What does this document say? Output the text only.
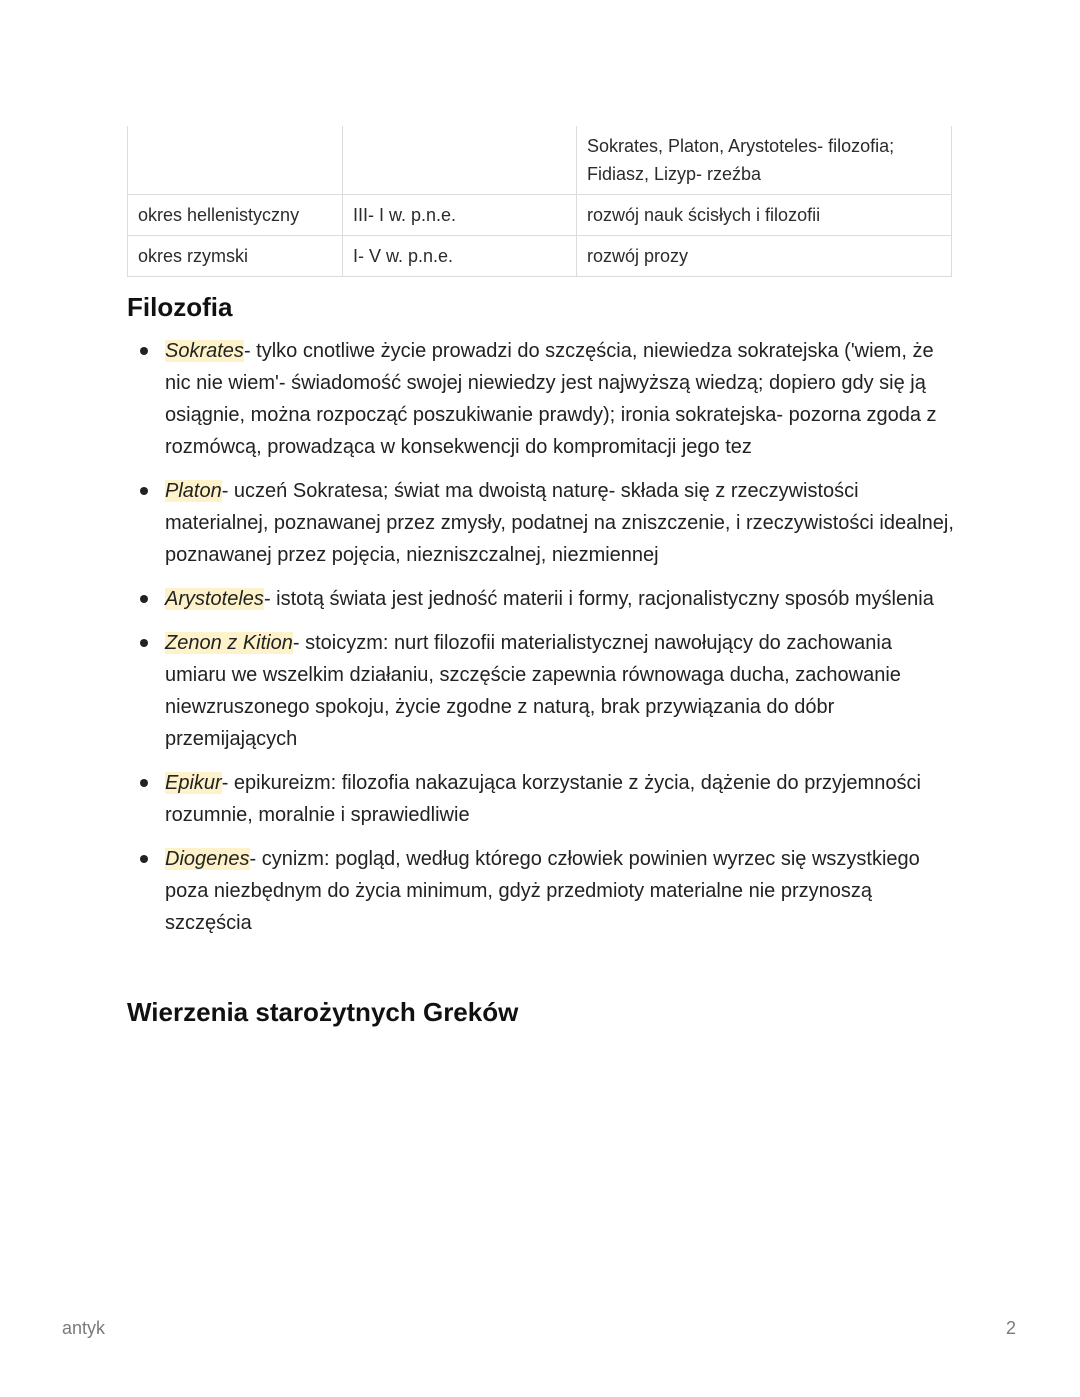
		Sokrates, Platon, Arystoteles- filozofia;
Fidiasz, Lizyp- rzeźba

okres hellenistyczny	III- I w. p.n.e.	rozwój nauk ścisłych i filozofii

okres rzymski	I- V w. p.n.e.	rozwój prozy
Filozofia
Sokrates- tylko cnotliwe życie prowadzi do szczęścia, niewiedza sokratejska ('wiem, że nic nie wiem'- świadomość swojej niewiedzy jest najwyższą wiedzą; dopiero gdy się ją osiągnie, można rozpocząć poszukiwanie prawdy); ironia sokratejska- pozorna zgoda z rozmówcą, prowadząca w konsekwencji do kompromitacji jego tez
Platon- uczeń Sokratesa; świat ma dwoistą naturę- składa się z rzeczywistości materialnej, poznawanej przez zmysły, podatnej na zniszczenie, i rzeczywistości idealnej, poznawanej przez pojęcia, niezniszczalnej, niezmiennej
Arystoteles- istotą świata jest jedność materii i formy, racjonalistyczny sposób myślenia
Zenon z Kition- stoicyzm: nurt filozofii materialistycznej nawołujący do zachowania umiaru we wszelkim działaniu, szczęście zapewnia równowaga ducha, zachowanie niewzruszonego spokoju, życie zgodne z naturą, brak przywiązania do dóbr przemijających
Epikur- epikureizm: filozofia nakazująca korzystanie z życia, dążenie do przyjemności rozumnie, moralnie i sprawiedliwie
Diogenes- cynizm: pogląd, według którego człowiek powinien wyrzec się wszystkiego poza niezbędnym do życia minimum, gdyż przedmioty materialne nie przynoszą szczęścia
Wierzenia starożytnych Greków
antyk	2
